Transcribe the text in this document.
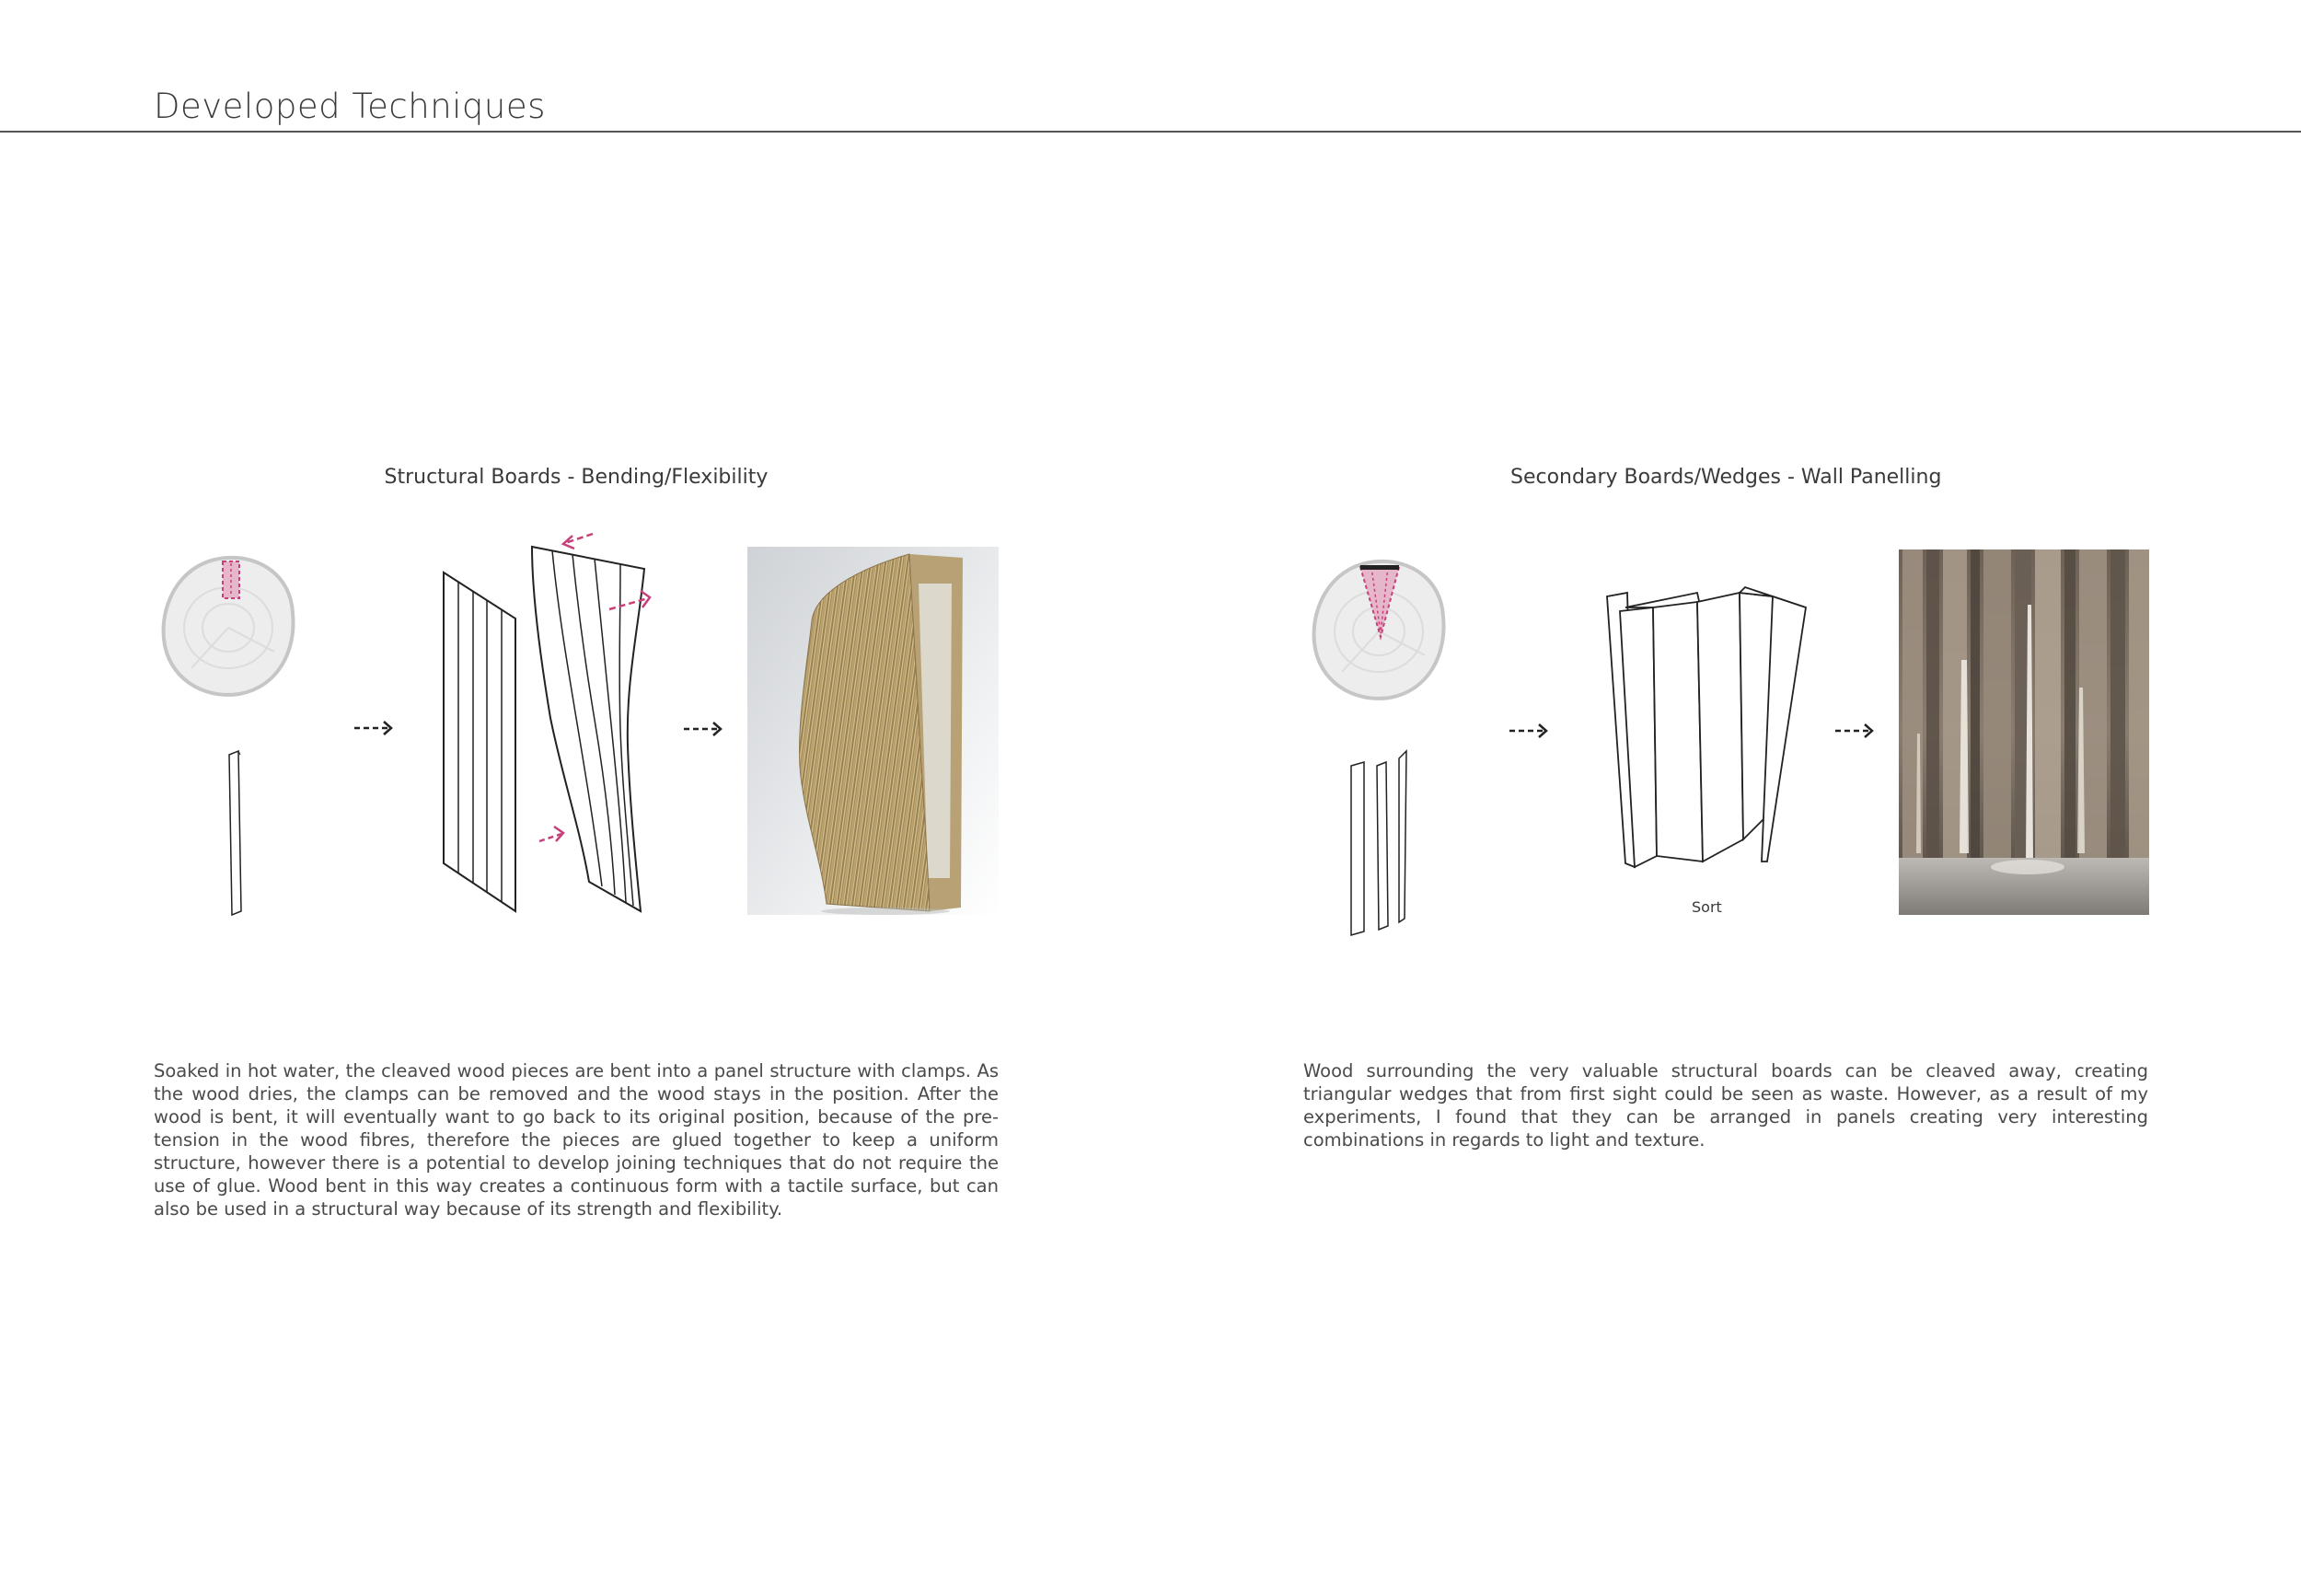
Developed Techniques
Structural Boards - Bending/Flexibility

Soaked in hot water, the cleaved wood pieces are bent into a panel structure with clamps. As the wood dries, the clamps can be removed and the wood stays in the position. After the wood is bent, it will eventually want to go back to its original position, because of the pre-tension in the wood fibres, therefore the pieces are glued together to keep a uniform structure, however there is a potential to develop joining techniques that do not require the use of glue. Wood bent in this way creates a continuous form with a tactile surface, but can also be used in a structural way because of its strength and flexibility.

Secondary Boards/Wedges - Wall Panelling
Sort

Wood surrounding the very valuable structural boards can be cleaved away, creating triangular wedges that from first sight could be seen as waste. However, as a result of my experiments, I found that they can be arranged in panels creating very interesting combinations in regards to light and texture.
